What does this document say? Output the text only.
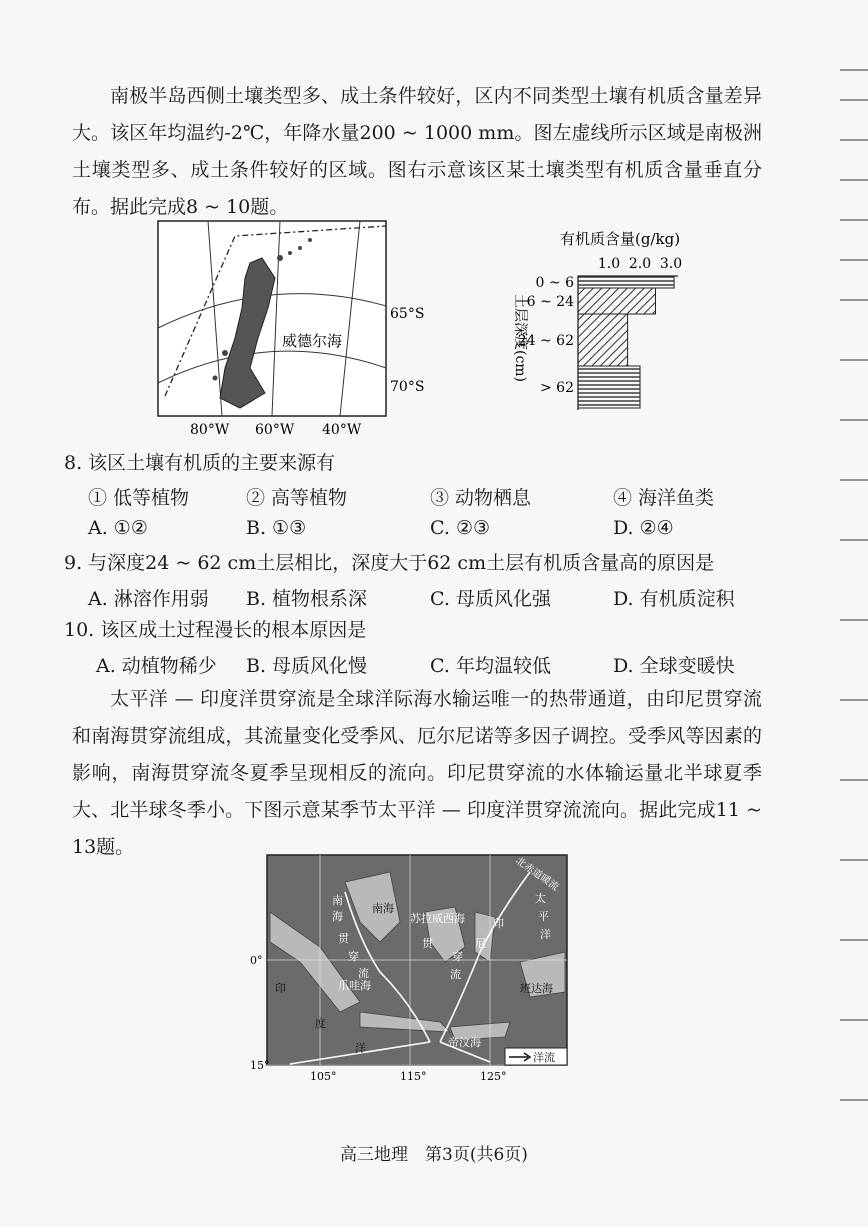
南极半岛西侧土壤类型多、成土条件较好，区内不同类型土壤有机质含量差异大。该区年均温约-2℃，年降水量200 ~ 1000 mm。图左虚线所示区域是南极洲土壤类型多、成土条件较好的区域。图右示意该区某土壤类型有机质含量垂直分布。据此完成8 ~ 10题。
威德尔海
65°S
70°S
80°W 60°W 40°W
有机质含量(g/kg)
1.0 2.0 3.0
0 ~ 6
6 ~ 24
24 ~ 62
> 62
土层深度(cm)
8. 该区土壤有机质的主要来源有
① 低等植物	② 高等植物	③ 动物栖息	④ 海洋鱼类
A. ①②	B. ①③	C. ②③	D. ②④
9. 与深度24 ~ 62 cm土层相比，深度大于62 cm土层有机质含量高的原因是
A. 淋溶作用弱 B. 植物根系深	C. 母质风化强	D. 有机质淀积
10. 该区成土过程漫长的根本原因是
A. 动植物稀少 B. 母质风化慢	C. 年均温较低	D. 全球变暖快
太平洋 — 印度洋贯穿流是全球洋际海水输运唯一的热带通道，由印尼贯穿流和南海贯穿流组成，其流量变化受季风、厄尔尼诺等多因子调控。受季风等因素的影响，南海贯穿流冬夏季呈现相反的流向。印尼贯穿流的水体输运量北半球夏季大、北半球冬季小。下图示意某季节太平洋 — 印度洋贯穿流流向。据此完成11 ~ 13题。
南海
南
海
贯
穿
流
苏拉威西海	印
尼
贯
穿
流
太
平
洋
印
度
洋
爪哇海	班达海
帝汶海
北赤道暖流
洋流
0°
15°
105°	115°	125°
高三地理　第3页(共6页)
